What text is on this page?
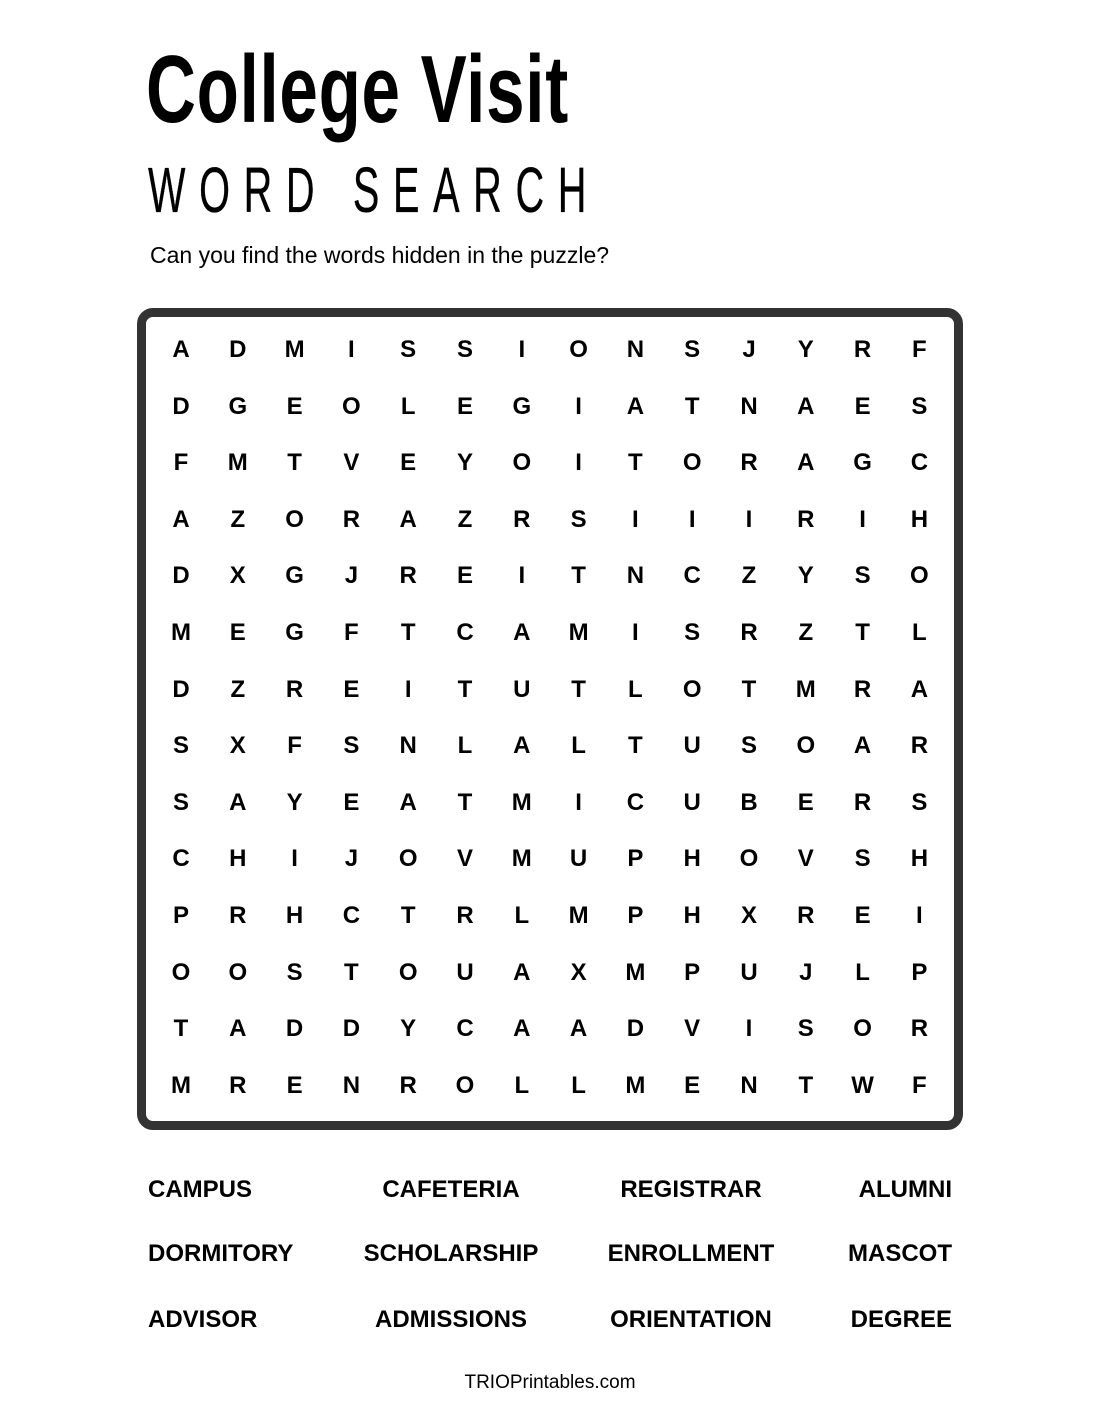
College Visit
WORD SEARCH
Can you find the words hidden in the puzzle?
A	D	M	I	S	S	I	O	N	S	J	Y	R	F
D	G	E	O	L	E	G	I	A	T	N	A	E	S
F	M	T	V	E	Y	O	I	T	O	R	A	G	C
A	Z	O	R	A	Z	R	S	I	I	I	R	I	H
D	X	G	J	R	E	I	T	N	C	Z	Y	S	O
M	E	G	F	T	C	A	M	I	S	R	Z	T	L
D	Z	R	E	I	T	U	T	L	O	T	M	R	A
S	X	F	S	N	L	A	L	T	U	S	O	A	R
S	A	Y	E	A	T	M	I	C	U	B	E	R	S
C	H	I	J	O	V	M	U	P	H	O	V	S	H
P	R	H	C	T	R	L	M	P	H	X	R	E	I
O	O	S	T	O	U	A	X	M	P	U	J	L	P
T	A	D	D	Y	C	A	A	D	V	I	S	O	R
M	R	E	N	R	O	L	L	M	E	N	T	W	F
CAMPUS	CAFETERIA	REGISTRAR	ALUMNI
DORMITORY	SCHOLARSHIP	ENROLLMENT	MASCOT
ADVISOR	ADMISSIONS	ORIENTATION	DEGREE
TRIOPrintables.com
